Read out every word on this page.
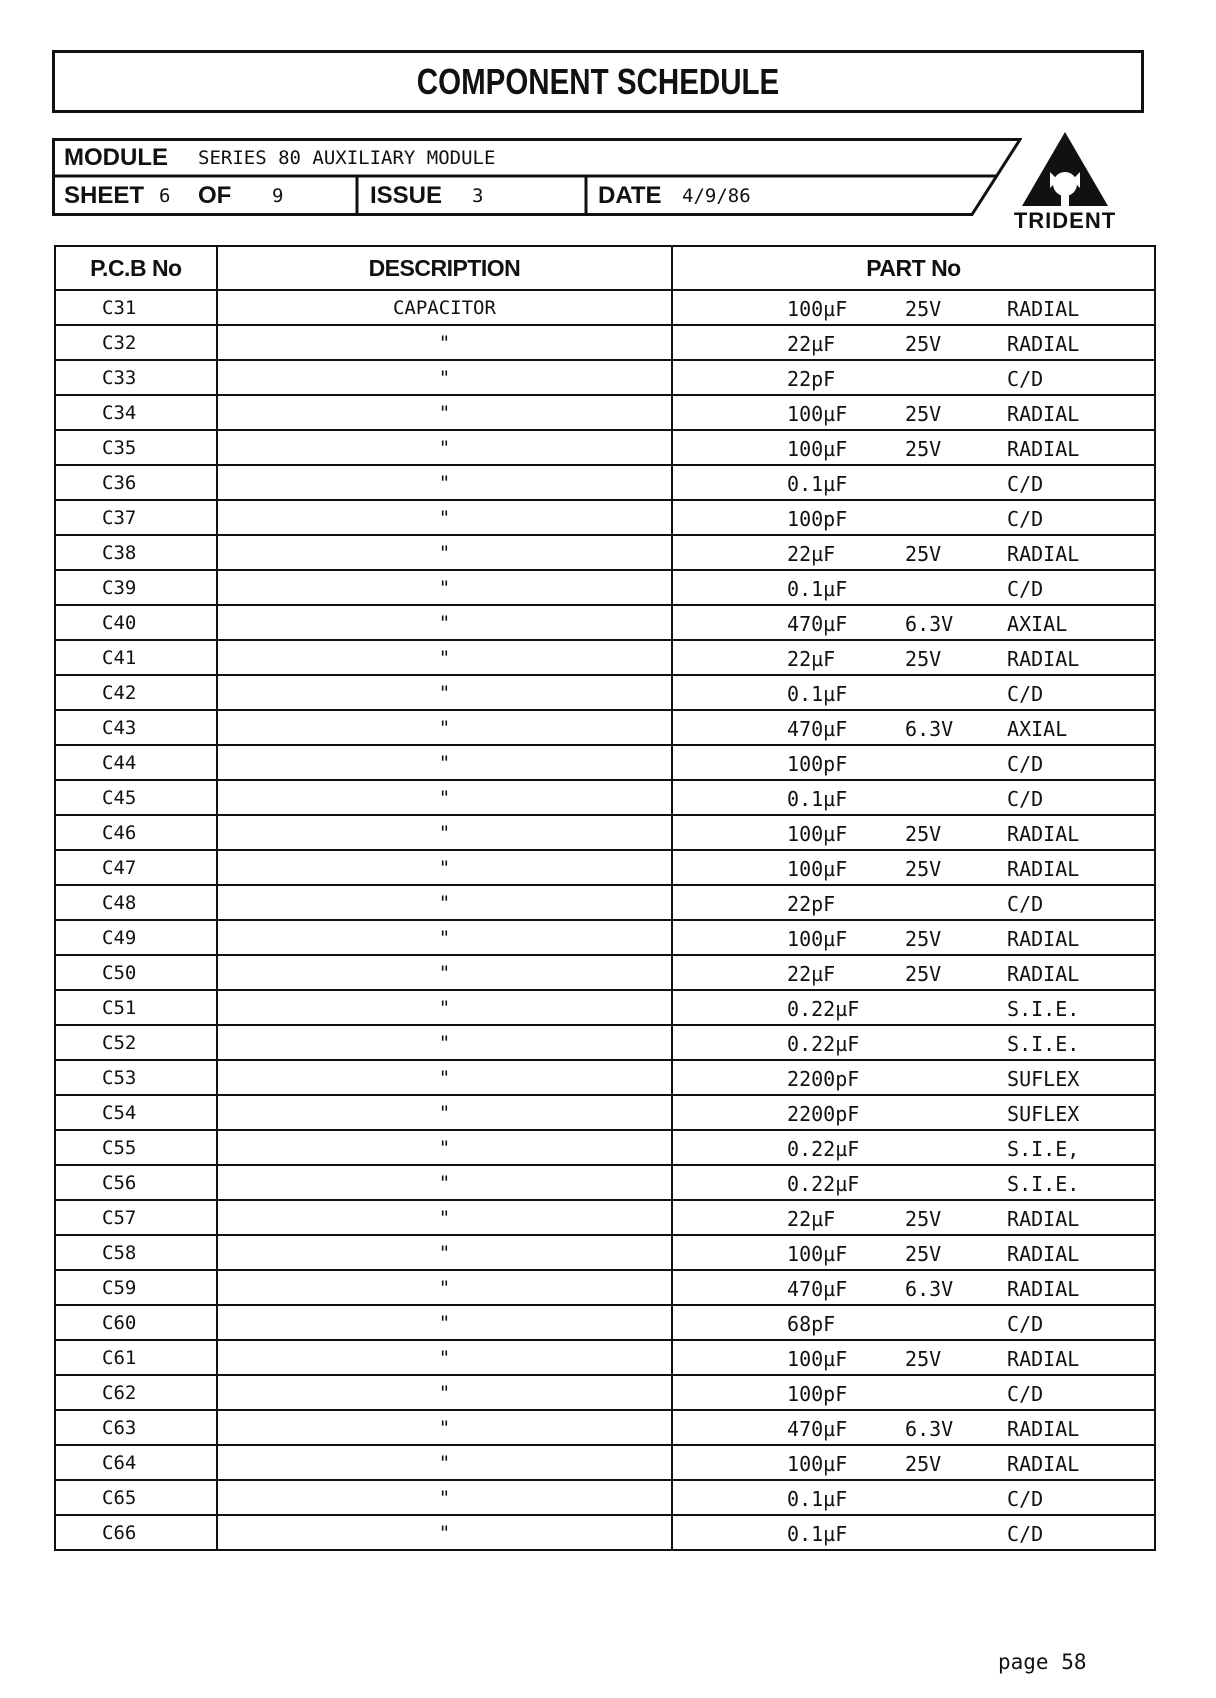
COMPONENT SCHEDULE
MODULE SERIES 80 AUXILIARY MODULE
SHEET 6 OF 9	ISSUE 3	DATE 4/9/86
TRIDENT
P.C.B No	DESCRIPTION	PART No
C31	CAPACITOR	100µF 25V RADIAL

C32	"	22µF 25V RADIAL

C33	"	22pF C/D

C34	"	100µF 25V RADIAL

C35	"	100µF 25V RADIAL

C36	"	0.1µF C/D

C37	"	100pF C/D

C38	"	22µF 25V RADIAL

C39	"	0.1µF C/D

C40	"	470µF 6.3V AXIAL

C41	"	22µF 25V RADIAL

C42	"	0.1µF C/D

C43	"	470µF 6.3V AXIAL

C44	"	100pF C/D

C45	"	0.1µF C/D

C46	"	100µF 25V RADIAL

C47	"	100µF 25V RADIAL

C48	"	22pF C/D

C49	"	100µF 25V RADIAL

C50	"	22µF 25V RADIAL

C51	"	0.22µF S.I.E.

C52	"	0.22µF S.I.E.

C53	"	2200pF SUFLEX

C54	"	2200pF SUFLEX

C55	"	0.22µF S.I.E,

C56	"	0.22µF S.I.E.

C57	"	22µF 25V RADIAL

C58	"	100µF 25V RADIAL

C59	"	470µF 6.3V RADIAL

C60	"	68pF C/D

C61	"	100µF 25V RADIAL

C62	"	100pF C/D

C63	"	470µF 6.3V RADIAL

C64	"	100µF 25V RADIAL

C65	"	0.1µF C/D

C66	"	0.1µF C/D
page 58
